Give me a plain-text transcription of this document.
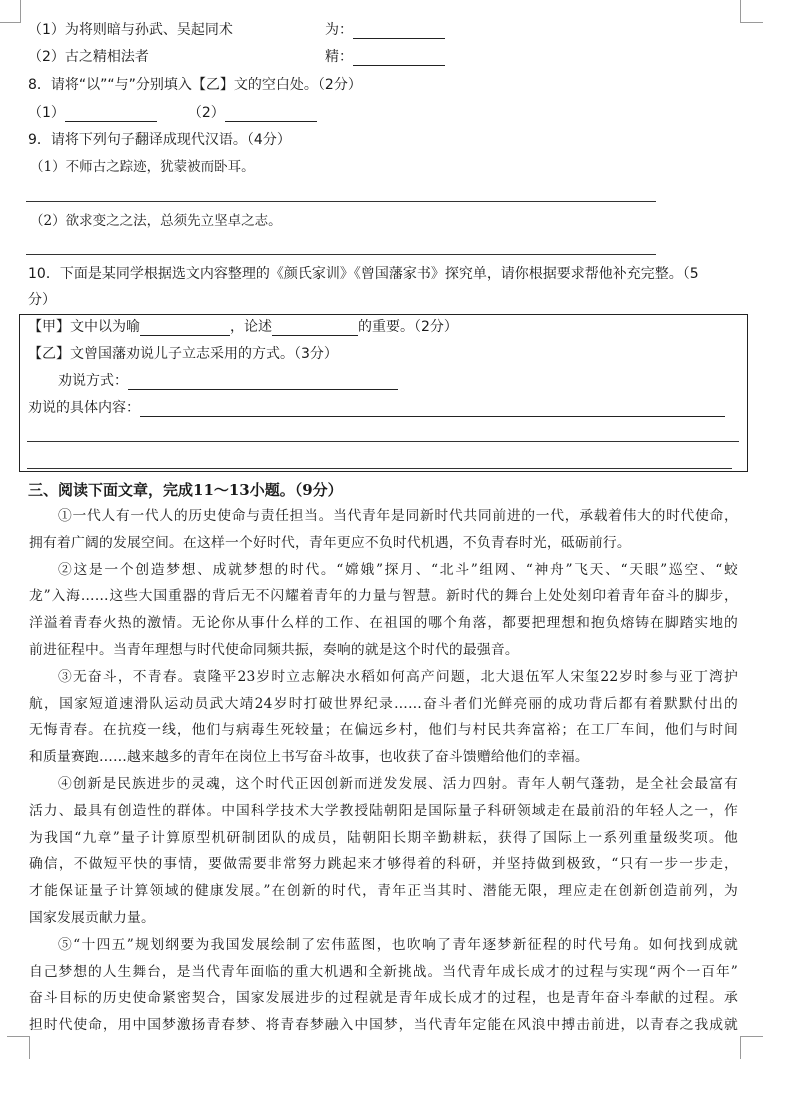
（1）为将则暗与孙武、吴起同术	为：
（2）古之精相法者	精：
8．请将“以”“与”分别填入【乙】文的空白处。（2分）
（1）	（2）
9．请将下列句子翻译成现代汉语。（4分）
（1）不师古之踪迹，犹蒙被而卧耳。
（2）欲求变之之法，总须先立坚卓之志。
10．下面是某同学根据选文内容整理的《颜氏家训》《曾国藩家书》探究单，请你根据要求帮他补充完整。（5
分）
【甲】文中以为喻	，论述	的重要。（2分）
【乙】文曾国藩劝说儿子立志采用的方式。（3分）
劝说方式：
劝说的具体内容：
三、阅读下面文章，完成11～13小题。（9分）
①一代人有一代人的历史使命与责任担当。当代青年是同新时代共同前进的一代，承载着伟大的时代使命，
拥有着广阔的发展空间。在这样一个好时代，青年更应不负时代机遇，不负青春时光，砥砺前行。
②这是一个创造梦想、成就梦想的时代。“嫦娥”探月、“北斗”组网、“神舟”飞天、“天眼”巡空、“蛟
龙”入海……这些大国重器的背后无不闪耀着青年的力量与智慧。新时代的舞台上处处刻印着青年奋斗的脚步，
洋溢着青春火热的激情。无论你从事什么样的工作、在祖国的哪个角落，都要把理想和抱负熔铸在脚踏实地的
前进征程中。当青年理想与时代使命同频共振，奏响的就是这个时代的最强音。
③无奋斗，不青春。袁隆平23岁时立志解决水稻如何高产问题，北大退伍军人宋玺22岁时参与亚丁湾护
航，国家短道速滑队运动员武大靖24岁时打破世界纪录……奋斗者们光鲜亮丽的成功背后都有着默默付出的
无悔青春。在抗疫一线，他们与病毒生死较量；在偏远乡村，他们与村民共奔富裕；在工厂车间，他们与时间
和质量赛跑……越来越多的青年在岗位上书写奋斗故事，也收获了奋斗馈赠给他们的幸福。
④创新是民族进步的灵魂，这个时代正因创新而迸发发展、活力四射。青年人朝气蓬勃，是全社会最富有
活力、最具有创造性的群体。中国科学技术大学教授陆朝阳是国际量子科研领域走在最前沿的年轻人之一，作
为我国“九章”量子计算原型机研制团队的成员，陆朝阳长期辛勤耕耘，获得了国际上一系列重量级奖项。他
确信，不做短平快的事情，要做需要非常努力跳起来才够得着的科研，并坚持做到极致，“只有一步一步走，
才能保证量子计算领域的健康发展。”在创新的时代，青年正当其时、潜能无限，理应走在创新创造前列，为
国家发展贡献力量。
⑤“十四五”规划纲要为我国发展绘制了宏伟蓝图，也吹响了青年逐梦新征程的时代号角。如何找到成就
自己梦想的人生舞台，是当代青年面临的重大机遇和全新挑战。当代青年成长成才的过程与实现“两个一百年”
奋斗目标的历史使命紧密契合，国家发展进步的过程就是青年成长成才的过程，也是青年奋斗奉献的过程。承
担时代使命，用中国梦激扬青春梦、将青春梦融入中国梦，当代青年定能在风浪中搏击前进，以青春之我成就
